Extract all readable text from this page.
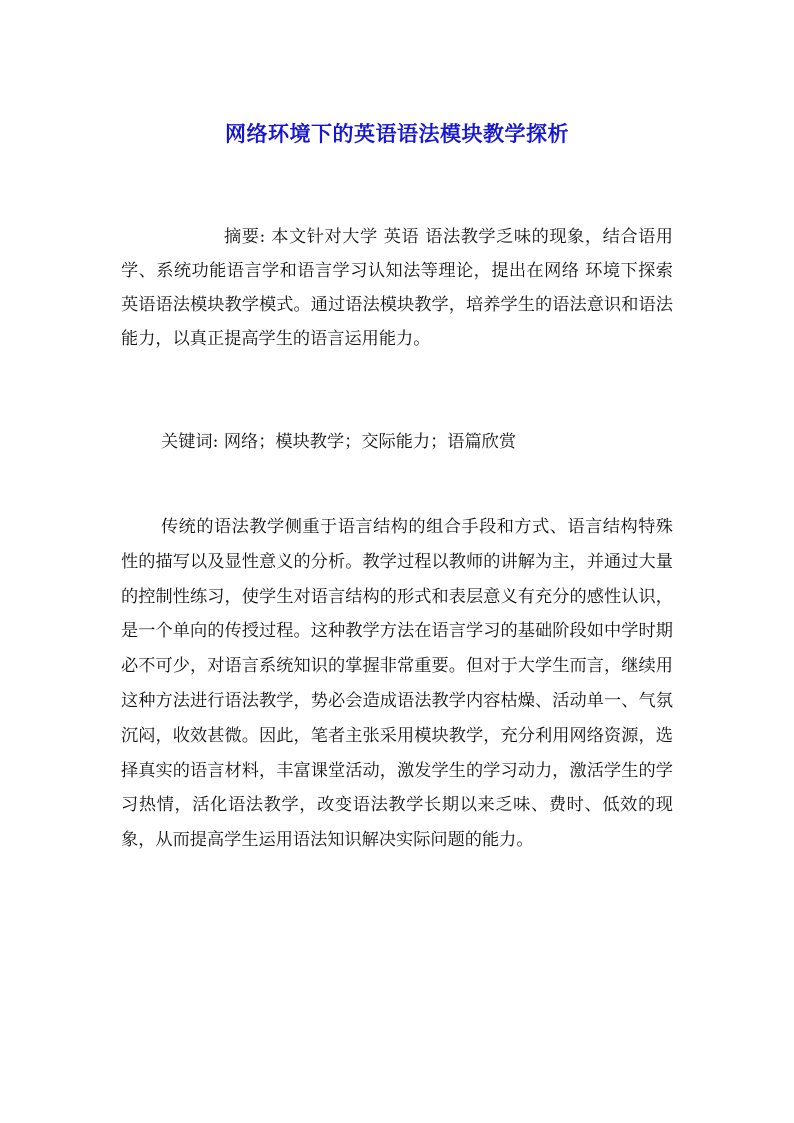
网络环境下的英语语法模块教学探析

摘要: 本文针对大学 英语 语法教学乏味的现象，结合语用学、系统功能语言学和语言学习认知法等理论，提出在网络 环境下探索英语语法模块教学模式。通过语法模块教学，培养学生的语法意识和语法能力，以真正提高学生的语言运用能力。

关键词: 网络；模块教学；交际能力；语篇欣赏

传统的语法教学侧重于语言结构的组合手段和方式、语言结构特殊性的描写以及显性意义的分析。教学过程以教师的讲解为主，并通过大量的控制性练习，使学生对语言结构的形式和表层意义有充分的感性认识，是一个单向的传授过程。这种教学方法在语言学习的基础阶段如中学时期必不可少，对语言系统知识的掌握非常重要。但对于大学生而言，继续用这种方法进行语法教学，势必会造成语法教学内容枯燥、活动单一、气氛沉闷，收效甚微。因此，笔者主张采用模块教学，充分利用网络资源，选择真实的语言材料，丰富课堂活动，激发学生的学习动力，激活学生的学习热情，活化语法教学，改变语法教学长期以来乏味、费时、低效的现象，从而提高学生运用语法知识解决实际问题的能力。
